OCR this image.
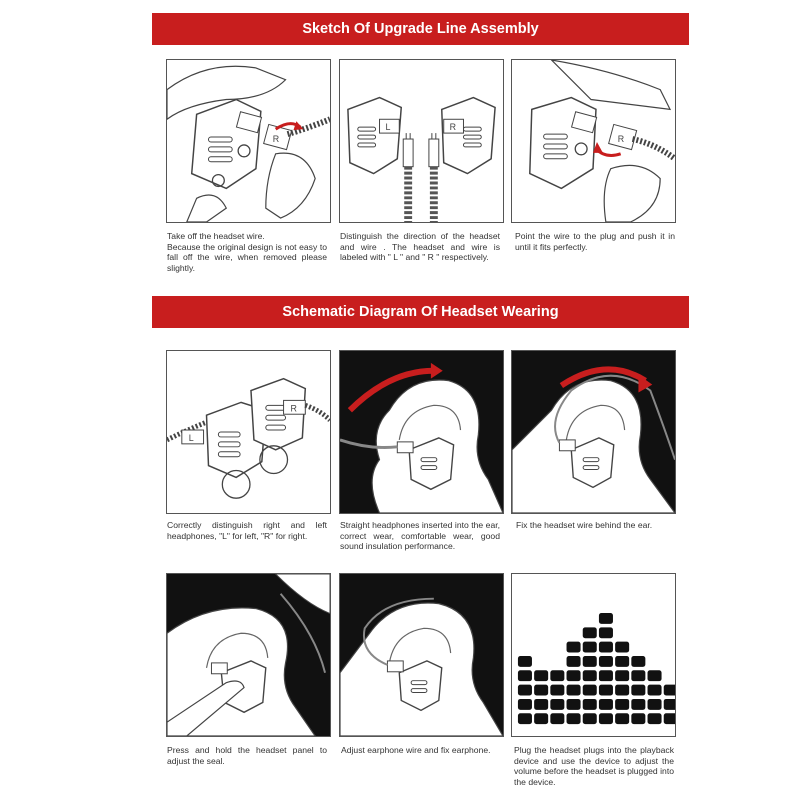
Sketch Of Upgrade Line Assembly
R

Take off the headset wire.

Because the original design is not easy to fall off the wire, when removed please slightly.

L	R

Distinguish the direction of the headset and wire . The headset and wire is labeled with " L " and " R " respectively.

R

Point the wire to the plug and push it in until it fits perfectly.

Schematic Diagram Of Headset Wearing
L
R

Correctly distinguish right and left headphones, "L" for left, "R" for right.

Straight headphones inserted into the ear, correct wear, comfortable wear, good sound insulation performance.

Fix the headset wire behind the ear.

Press and hold the headset panel to adjust the seal.

Adjust earphone wire and fix earphone.	Plug the headset plugs into the playback device and use the device to adjust the volume before the headset is plugged into the device.
